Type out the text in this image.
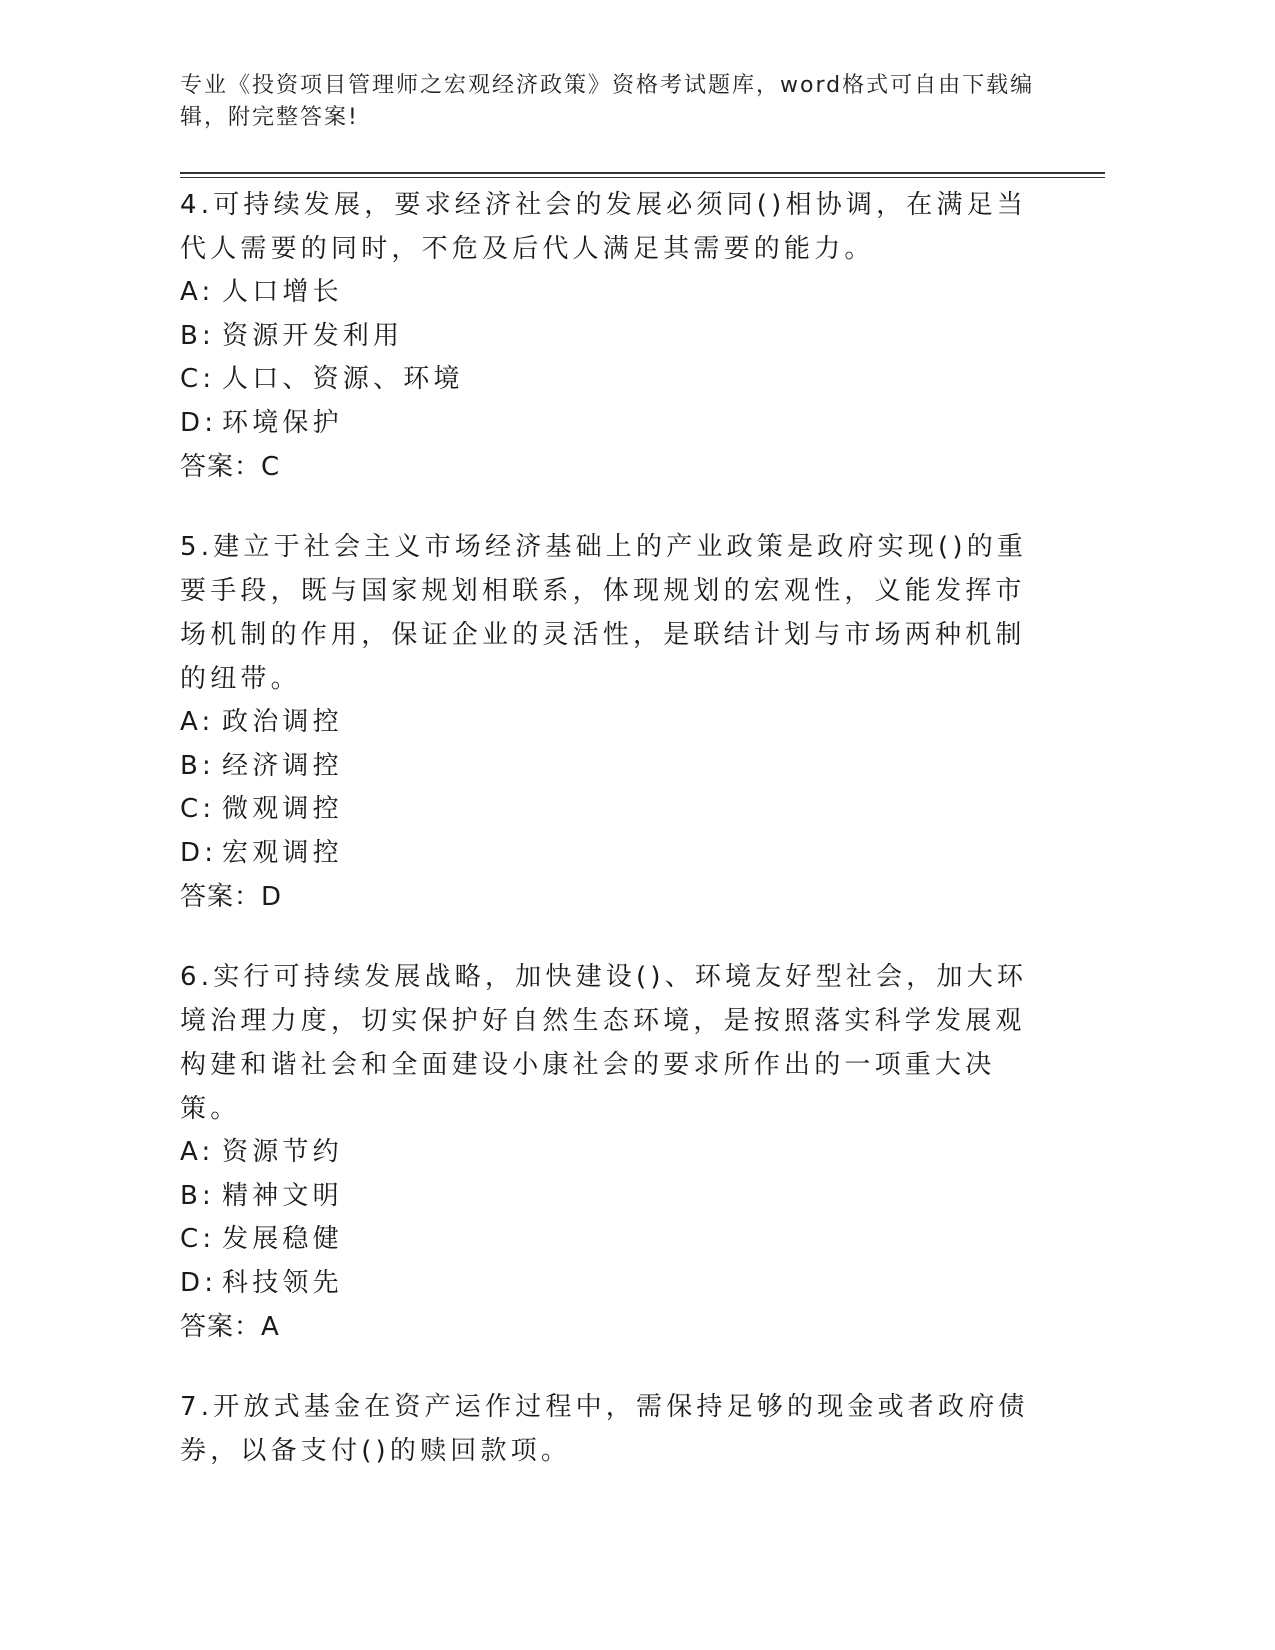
专业《投资项目管理师之宏观经济政策》资格考试题库，word格式可自由下载编辑，附完整答案!

4.可持续发展，要求经济社会的发展必须同()相协调，在满足当代人需要的同时，不危及后代人满足其需要的能力。

A: 人口增长

B: 资源开发利用

C: 人口、资源、环境

D: 环境保护

答案：C

5.建立于社会主义市场经济基础上的产业政策是政府实现()的重要手段，既与国家规划相联系，体现规划的宏观性，义能发挥市场机制的作用，保证企业的灵活性，是联结计划与市场两种机制的纽带。

A: 政治调控

B: 经济调控

C: 微观调控

D: 宏观调控

答案：D

6.实行可持续发展战略，加快建设()、环境友好型社会，加大环境治理力度，切实保护好自然生态环境，是按照落实科学发展观构建和谐社会和全面建设小康社会的要求所作出的一项重大决策。

A: 资源节约

B: 精神文明

C: 发展稳健

D: 科技领先

答案：A

7.开放式基金在资产运作过程中，需保持足够的现金或者政府债券，以备支付()的赎回款项。
